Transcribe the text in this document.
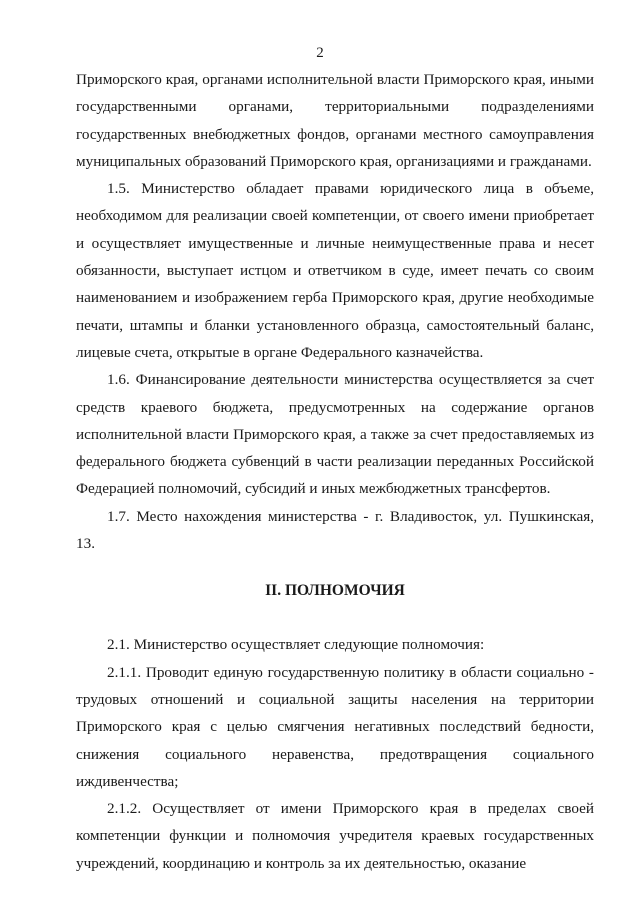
2

Приморского края, органами исполнительной власти Приморского края, иными государственными органами, территориальными подразделениями государственных внебюджетных фондов, органами местного самоуправления муниципальных образований Приморского края, организациями и гражданами.

1.5. Министерство обладает правами юридического лица в объеме, необходимом для реализации своей компетенции, от своего имени приобретает и осуществляет имущественные и личные неимущественные права и несет обязанности, выступает истцом и ответчиком в суде, имеет печать со своим наименованием и изображением герба Приморского края, другие необходимые печати, штампы и бланки установленного образца, самостоятельный баланс, лицевые счета, открытые в органе Федерального казначейства.

1.6. Финансирование деятельности министерства осуществляется за счет средств краевого бюджета, предусмотренных на содержание органов исполнительной власти Приморского края, а также за счет предоставляемых из федерального бюджета субвенций в части реализации переданных Российской Федерацией полномочий, субсидий и иных межбюджетных трансфертов.

1.7. Место нахождения министерства - г. Владивосток, ул. Пушкинская, 13.

II. ПОЛНОМОЧИЯ

2.1. Министерство осуществляет следующие полномочия:

2.1.1. Проводит единую государственную политику в области социально - трудовых отношений и социальной защиты населения на территории Приморского края с целью смягчения негативных последствий бедности, снижения социального неравенства, предотвращения социального иждивенчества;

2.1.2. Осуществляет от имени Приморского края в пределах своей компетенции функции и полномочия учредителя краевых государственных учреждений, координацию и контроль за их деятельностью, оказание
